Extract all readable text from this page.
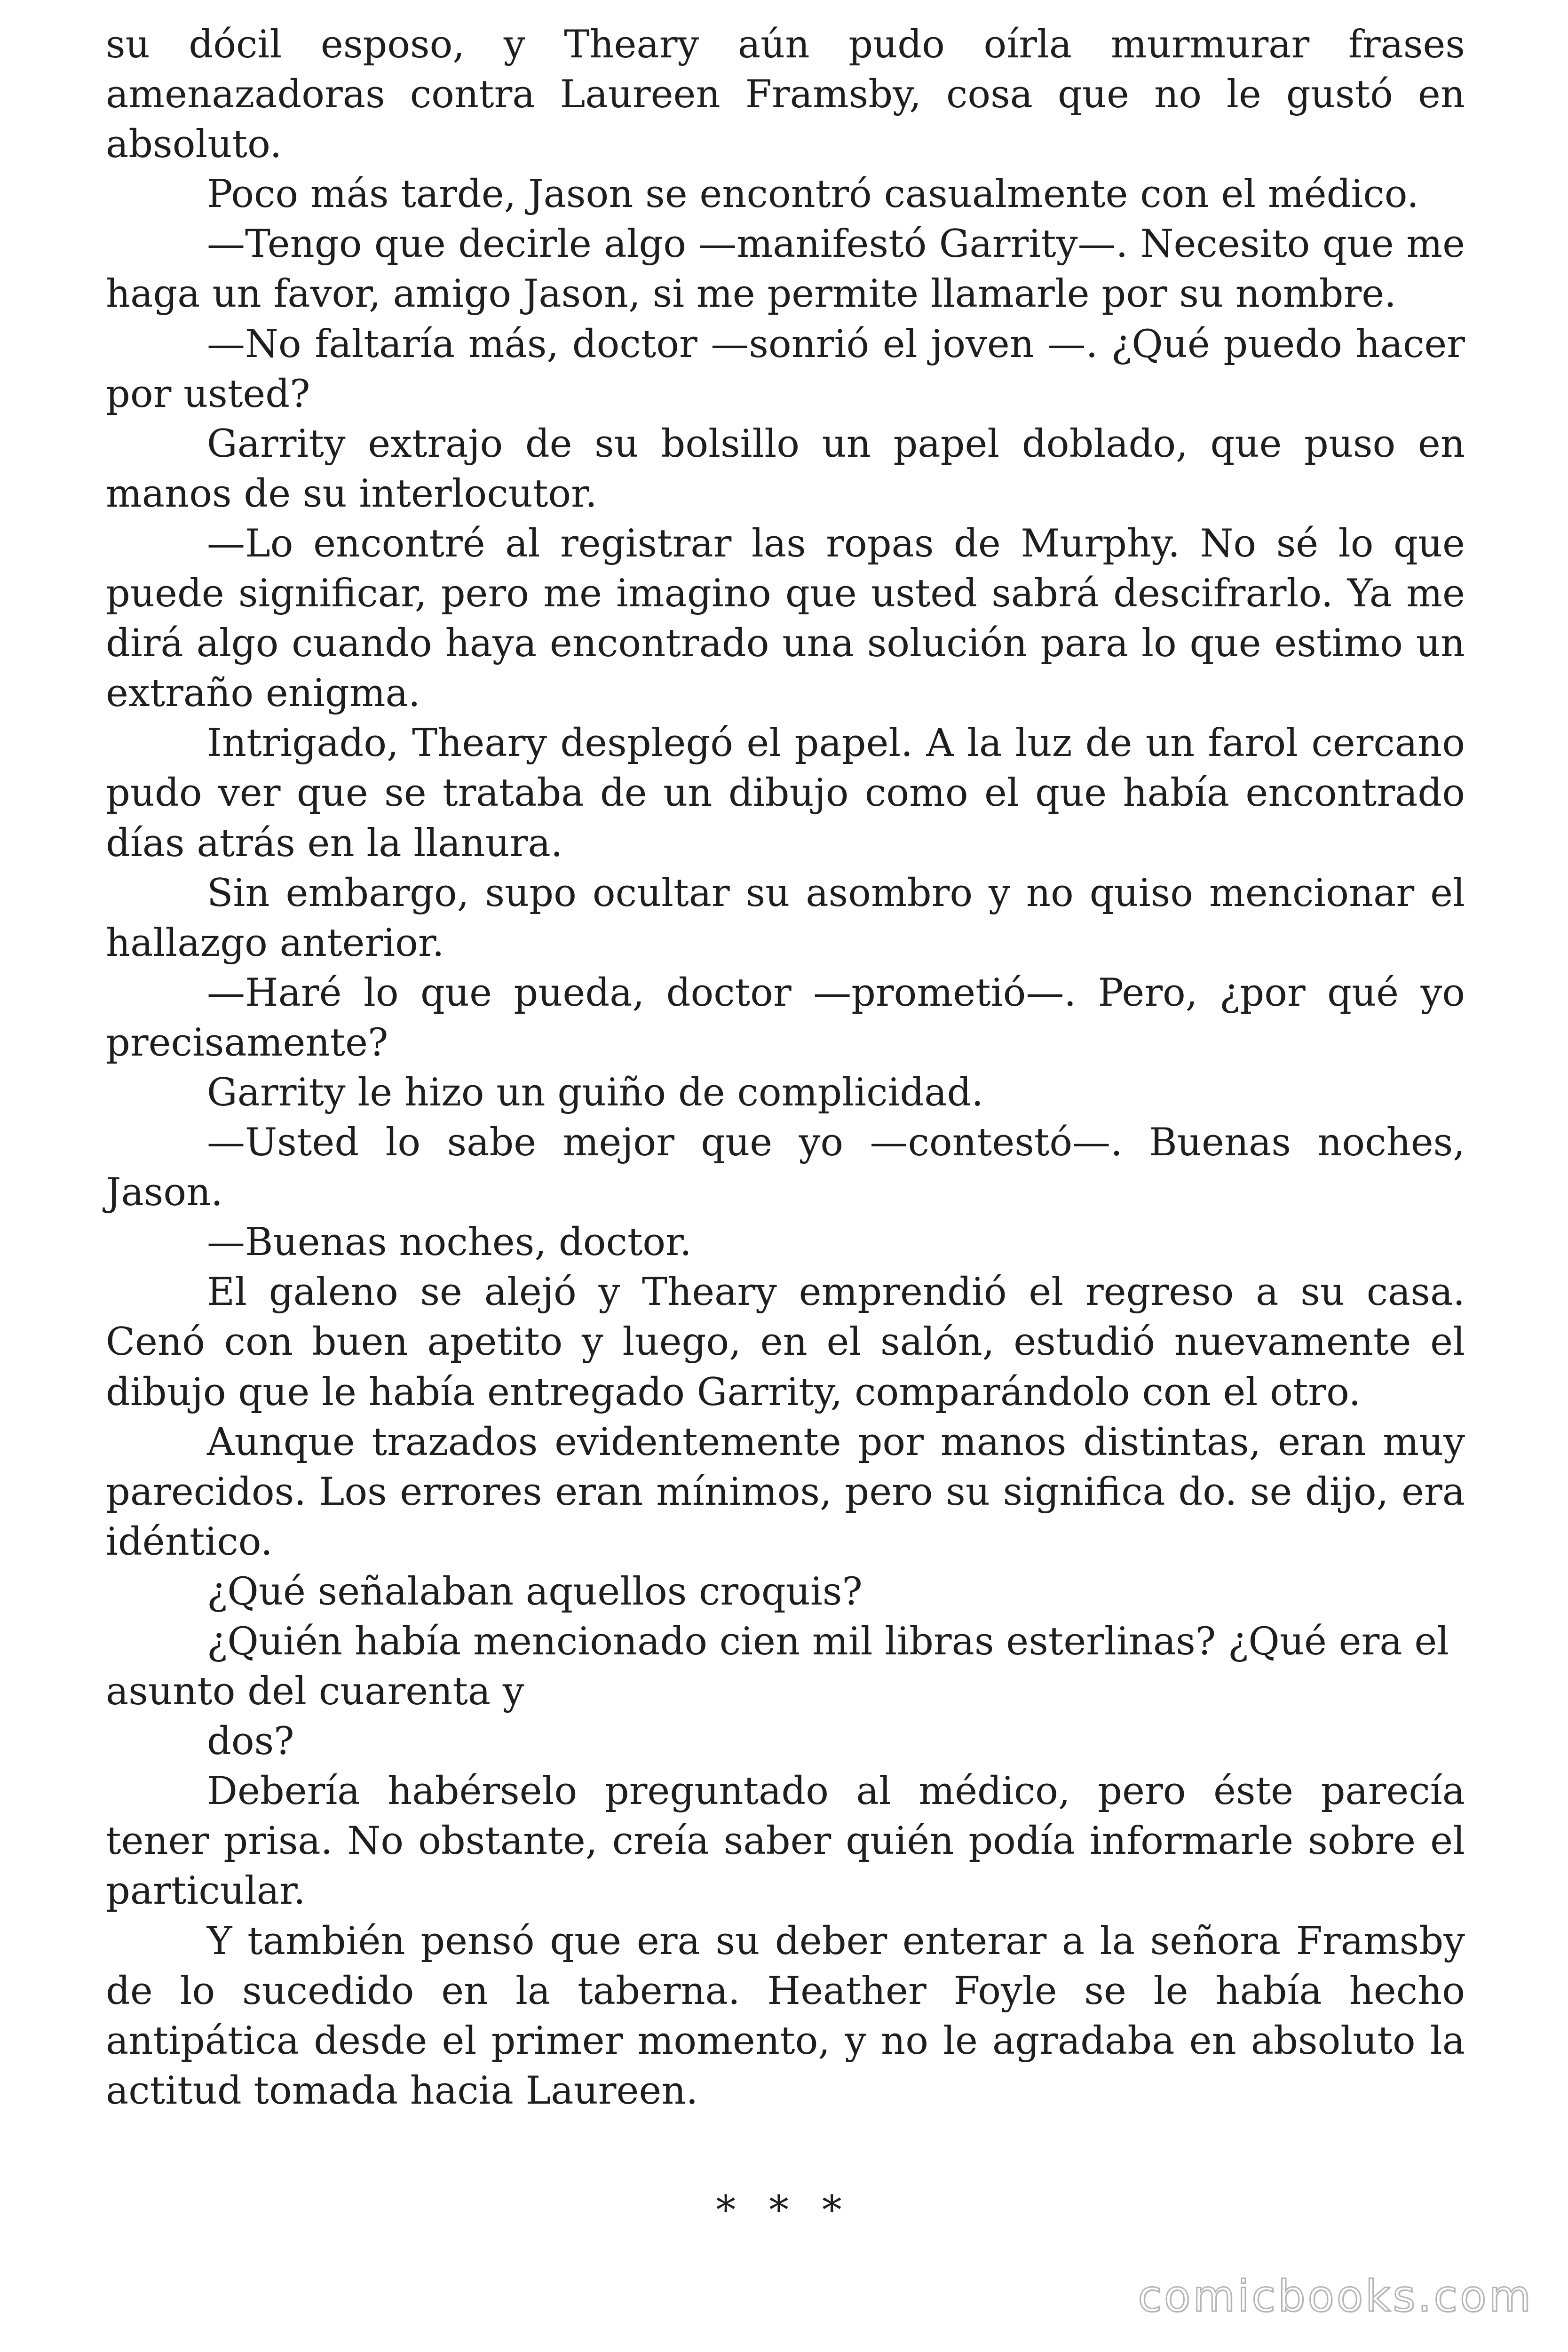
su dócil esposo, y Theary aún pudo oírla murmurar frases amenazadoras contra Laureen Framsby, cosa que no le gustó en absoluto.

Poco más tarde, Jason se encontró casualmente con el médico.

—Tengo que decirle algo —manifestó Garrity—. Necesito que me haga un favor, amigo Jason, si me permite llamarle por su nombre.

—No faltaría más, doctor —sonrió el joven —. ¿Qué puedo hacer por usted?

Garrity extrajo de su bolsillo un papel doblado, que puso en manos de su interlocutor.

—Lo encontré al registrar las ropas de Murphy. No sé lo que puede significar, pero me imagino que usted sabrá descifrarlo. Ya me dirá algo cuando haya encontrado una solución para lo que estimo un extraño enigma.

Intrigado, Theary desplegó el papel. A la luz de un farol cercano pudo ver que se trataba de un dibujo como el que había encontrado días atrás en la llanura.

Sin embargo, supo ocultar su asombro y no quiso mencionar el hallazgo anterior.

—Haré lo que pueda, doctor —prometió—. Pero, ¿por qué yo precisamente?

Garrity le hizo un guiño de complicidad.

—Usted lo sabe mejor que yo —contestó—. Buenas noches, Jason.

—Buenas noches, doctor.

El galeno se alejó y Theary emprendió el regreso a su casa. Cenó con buen apetito y luego, en el salón, estudió nuevamente el dibujo que le había entregado Garrity, comparándolo con el otro.

Aunque trazados evidentemente por manos distintas, eran muy parecidos. Los errores eran mínimos, pero su significa do. se dijo, era idéntico.

¿Qué señalaban aquellos croquis?

¿Quién había mencionado cien mil libras esterlinas? ¿Qué era el asunto del cuarenta y

dos?

Debería habérselo preguntado al médico, pero éste parecía tener prisa. No obstante, creía saber quién podía informarle sobre el particular.

Y también pensó que era su deber enterar a la señora Framsby de lo sucedido en la taberna. Heather Foyle se le había hecho antipática desde el primer momento, y no le agradaba en absoluto la actitud tomada hacia Laureen.

* * *
comicbooks.com
